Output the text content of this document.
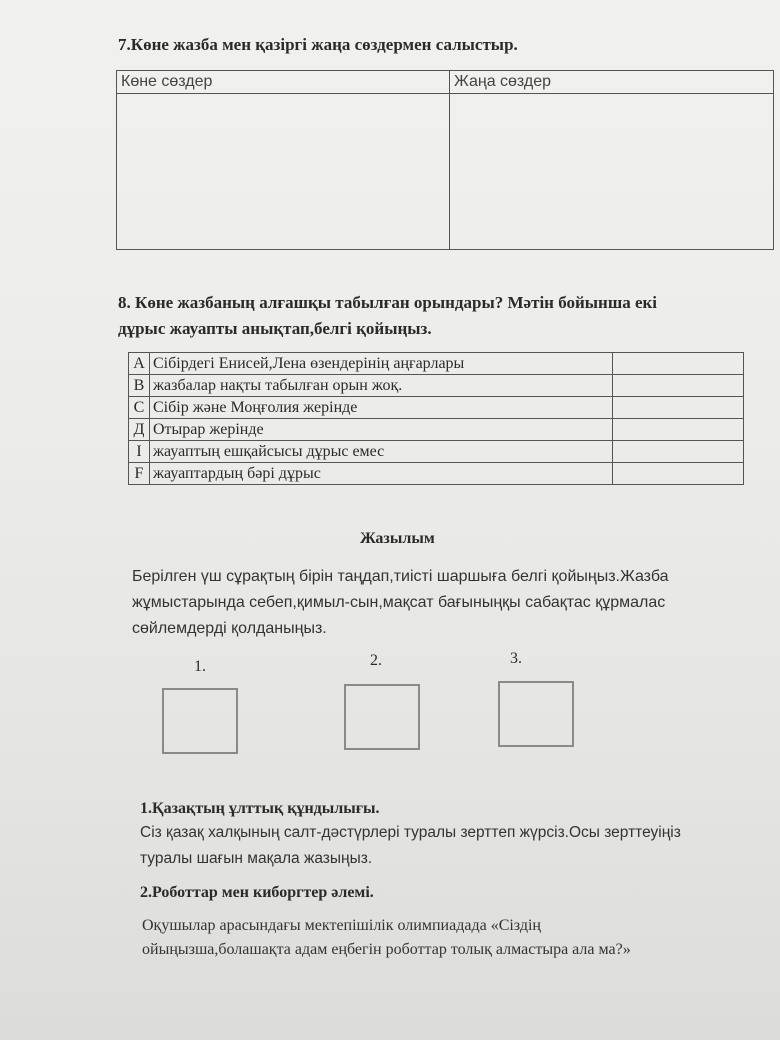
7.Көне жазба мен қазіргі жаңа сөздермен салыстыр.
Көне сөздер	Жаңа сөздер

8. Көне жазбаның алғашқы табылған орындары? Мәтін бойынша екі
дұрыс жауапты анықтап,белгі қойыңыз.
А	Сібірдегі Енисей,Лена өзендерінің аңғарлары	
В	жазбалар нақты табылған орын жоқ.	
С	Сібір және Моңғолия жерінде	
Д	Отырар жерінде	
I	жауаптың ешқайсысы дұрыс емес	
F	жауаптардың бәрі дұрыс	
Жазылым
Берілген үш сұрақтың бірін таңдап,тиісті шаршыға белгі қойыңыз.Жазба
жұмыстарында себеп,қимыл-сын,мақсат бағыныңқы сабақтас құрмалас
сөйлемдерді қолданыңыз.
1.	2.	3.
1.Қазақтың ұлттық құндылығы.
Сіз қазақ халқының салт-дәстүрлері туралы зерттеп жүрсіз.Осы зерттеуіңіз
туралы шағын мақала жазыңыз.
2.Роботтар мен киборгтер әлемі.
Оқушылар арасындағы мектепішілік олимпиадада «Сіздің
ойыңызша,болашақта адам еңбегін роботтар толық алмастыра ала ма?»
